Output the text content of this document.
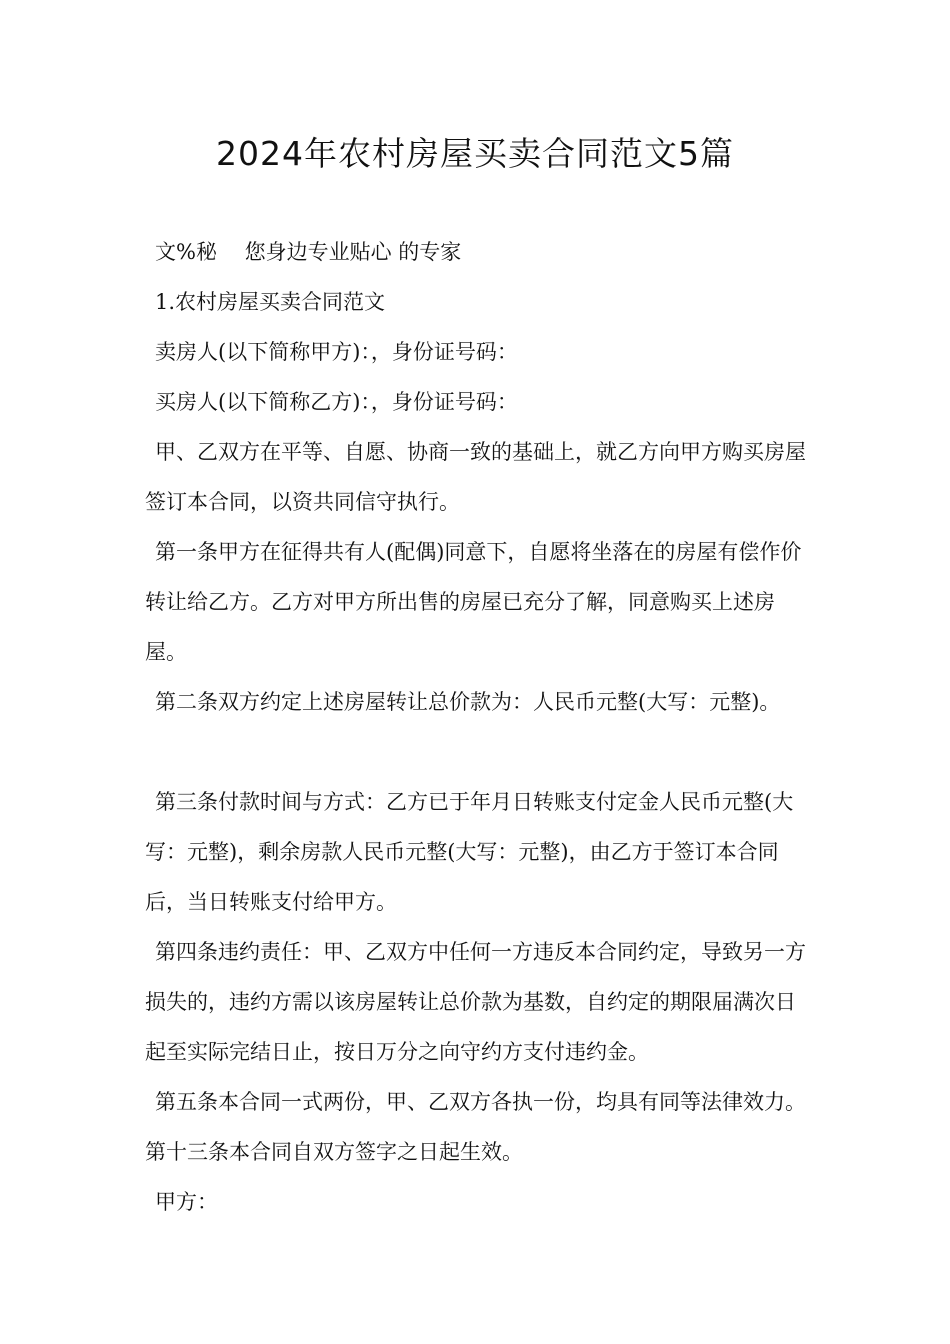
2024年农村房屋买卖合同范文5篇

文%秘　 您身边专业贴心 的专家

1.农村房屋买卖合同范文

卖房人(以下简称甲方)：，身份证号码：

买房人(以下简称乙方)：，身份证号码：

甲、乙双方在平等、自愿、协商一致的基础上，就乙方向甲方购买房屋签订本合同，以资共同信守执行。

第一条甲方在征得共有人(配偶)同意下，自愿将坐落在的房屋有偿作价转让给乙方。乙方对甲方所出售的房屋已充分了解，同意购买上述房屋。

第二条双方约定上述房屋转让总价款为：人民币元整(大写：元整)。

第三条付款时间与方式：乙方已于年月日转账支付定金人民币元整(大写：元整)，剩余房款人民币元整(大写：元整)，由乙方于签订本合同后，当日转账支付给甲方。

第四条违约责任：甲、乙双方中任何一方违反本合同约定，导致另一方损失的，违约方需以该房屋转让总价款为基数，自约定的期限届满次日起至实际完结日止，按日万分之向守约方支付违约金。

第五条本合同一式两份，甲、乙双方各执一份，均具有同等法律效力。第十三条本合同自双方签字之日起生效。

甲方：
